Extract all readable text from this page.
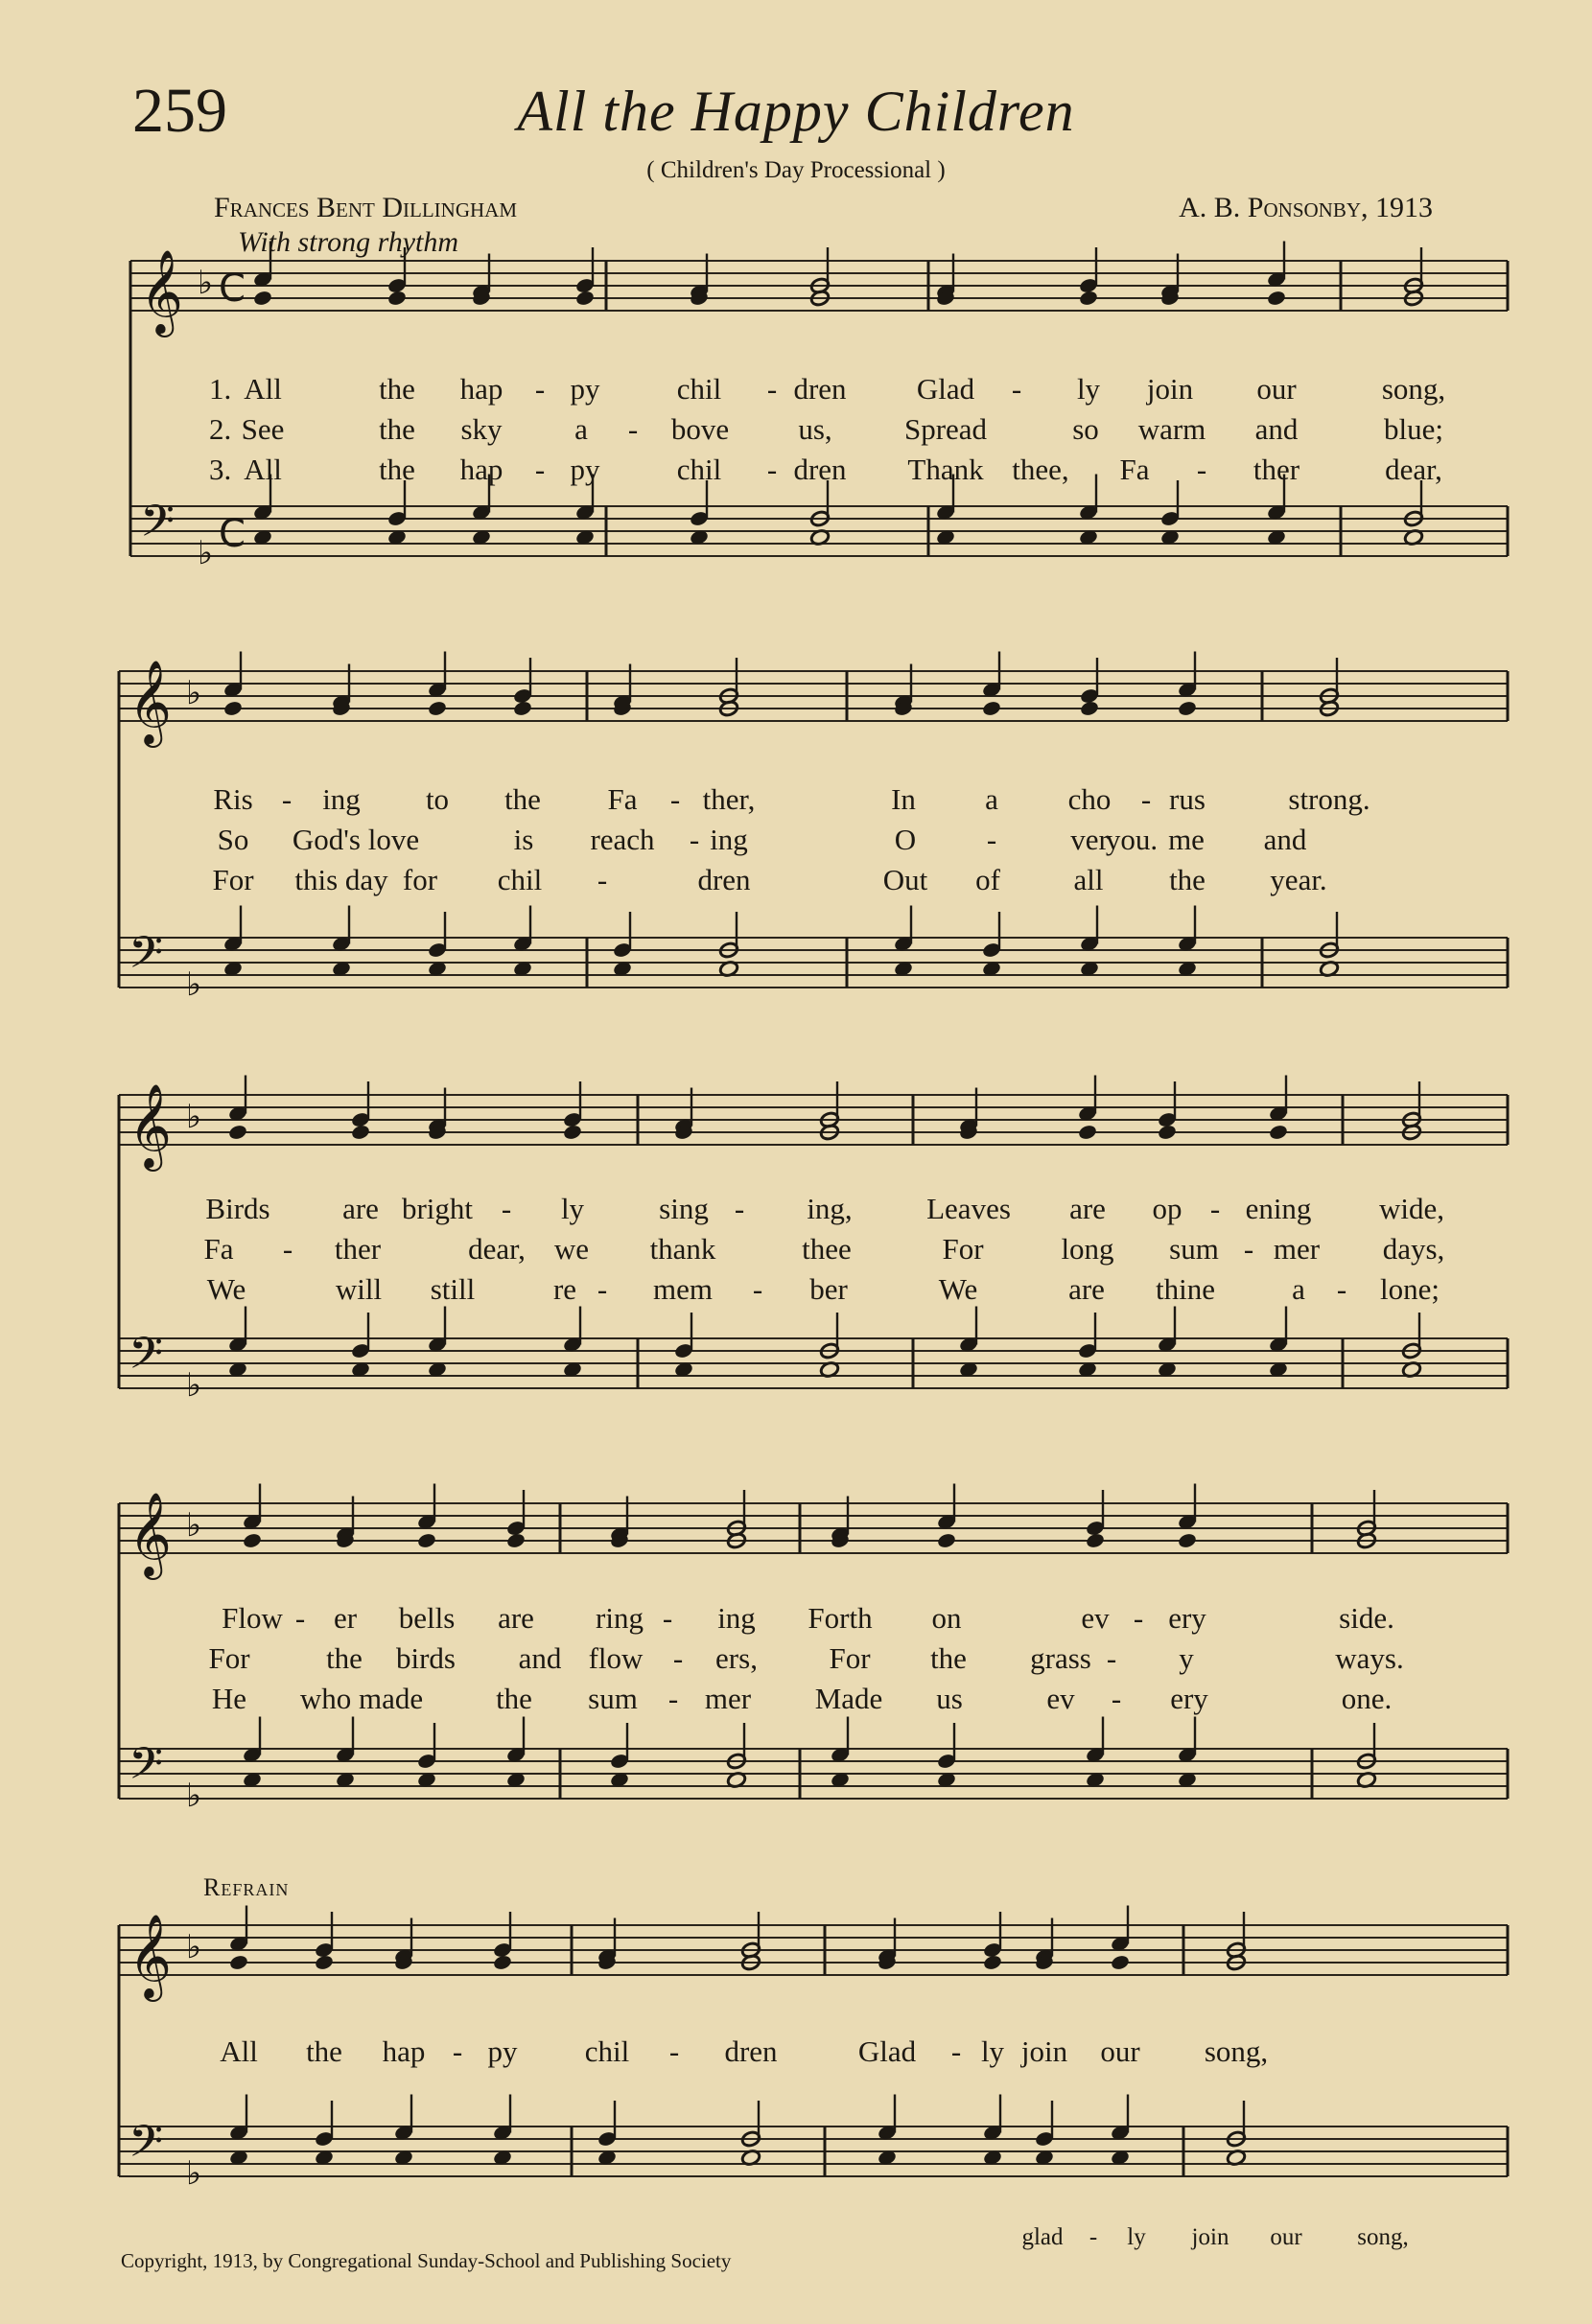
𝄞 ♭ C
𝄢 ♭ C
𝄞 ♭
𝄢 ♭
𝄞 ♭
𝄢 ♭
𝄞 ♭
𝄢 ♭
𝄞 ♭
𝄢 ♭
259	All the Happy Children
( Children's Day Processional )
Frances Bent Dillingham	A. B. Ponsonby, 1913
With strong rhythm
Refrain
1.
2.
3.
All	the hap - py	chil - dren Glad - ly join our	song,
See	the sky a - bove us, Spread	so warm and	blue;
All	the hap - py	chil - dren Thank thee, Fa - ther	dear,
Ris - ing to the Fa - ther,	In a cho - rus	strong.
So God's love	is reach - ing	O - ver me and
you.
For this day for chil -	dren	Out of all the year.
Birds are bright - ly	sing - ing, Leaves are op - ening wide,
Fa - ther	dear, we thank	thee	For	long sum - mer days,
We	will still	re - mem - ber	We	are thine	a - lone;
Flow - er bells are ring - ing Forth on	ev - ery	side.
For	the birds and flow - ers, For the grass - y	ways.
He who made the sum - mer Made us	ev - ery	one.
All the hap - py chil - dren	Glad - ly join our song,
glad - ly join our song,
Copyright, 1913, by Congregational Sunday-School and Publishing Society
